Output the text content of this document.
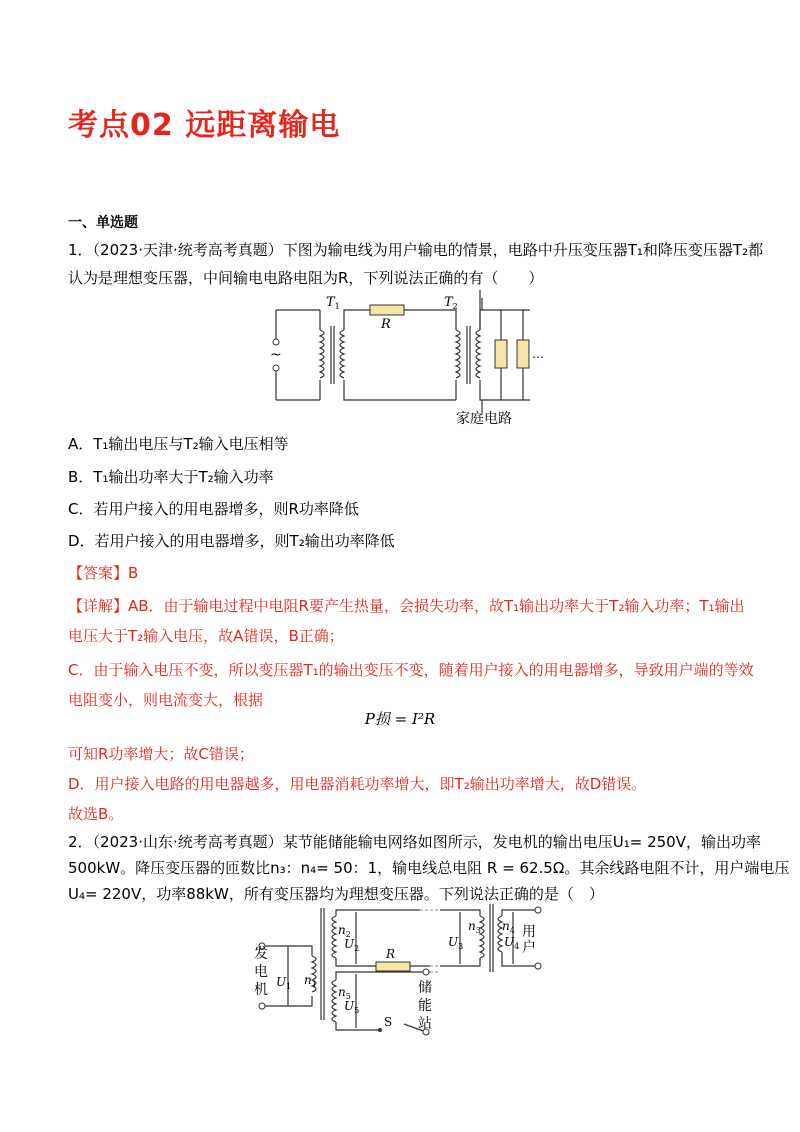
考点02 远距离输电
一、单选题
1．（2023·天津·统考高考真题）下图为输电线为用户输电的情景，电路中升压变压器T₁和降压变压器T₂都
认为是理想变压器，中间输电电路电阻为R，下列说法正确的有（　　）
~
$T_1$
R
$T_2$
…
家庭电路
A．T₁输出电压与T₂输入电压相等
B．T₁输出功率大于T₂输入功率
C．若用户接入的用电器增多，则R功率降低
D．若用户接入的用电器增多，则T₂输出功率降低
【答案】B
【详解】AB．由于输电过程中电阻R要产生热量，会损失功率，故T₁输出功率大于T₂输入功率；T₁输出
电压大于T₂输入电压，故A错误，B正确；
C．由于输入电压不变，所以变压器T₁的输出变压不变，随着用户接入的用电器增多，导致用户端的等效
电阻变小，则电流变大，根据
P损 = I²R
可知R功率增大；故C错误；
D．用户接入电路的用电器越多，用电器消耗功率增大，即T₂输出功率增大，故D错误。
故选B。
2．（2023·山东·统考高考真题）某节能储能输电网络如图所示，发电机的输出电压U₁= 250V，输出功率
500kW。降压变压器的匝数比n₃：n₄= 50：1，输电线总电阻 R = 62.5Ω。其余线路电阻不计，用户端电压
U₄= 220V，功率88kW，所有变压器均为理想变压器。下列说法正确的是（　）
发
电
机
用
户
储
能
站
$n_1$
$U_1$
$n_2$
$U_2$
$n_5$
$U_5$
$n_3$
$U_3$
$n_4$
$U_4$
R
S
